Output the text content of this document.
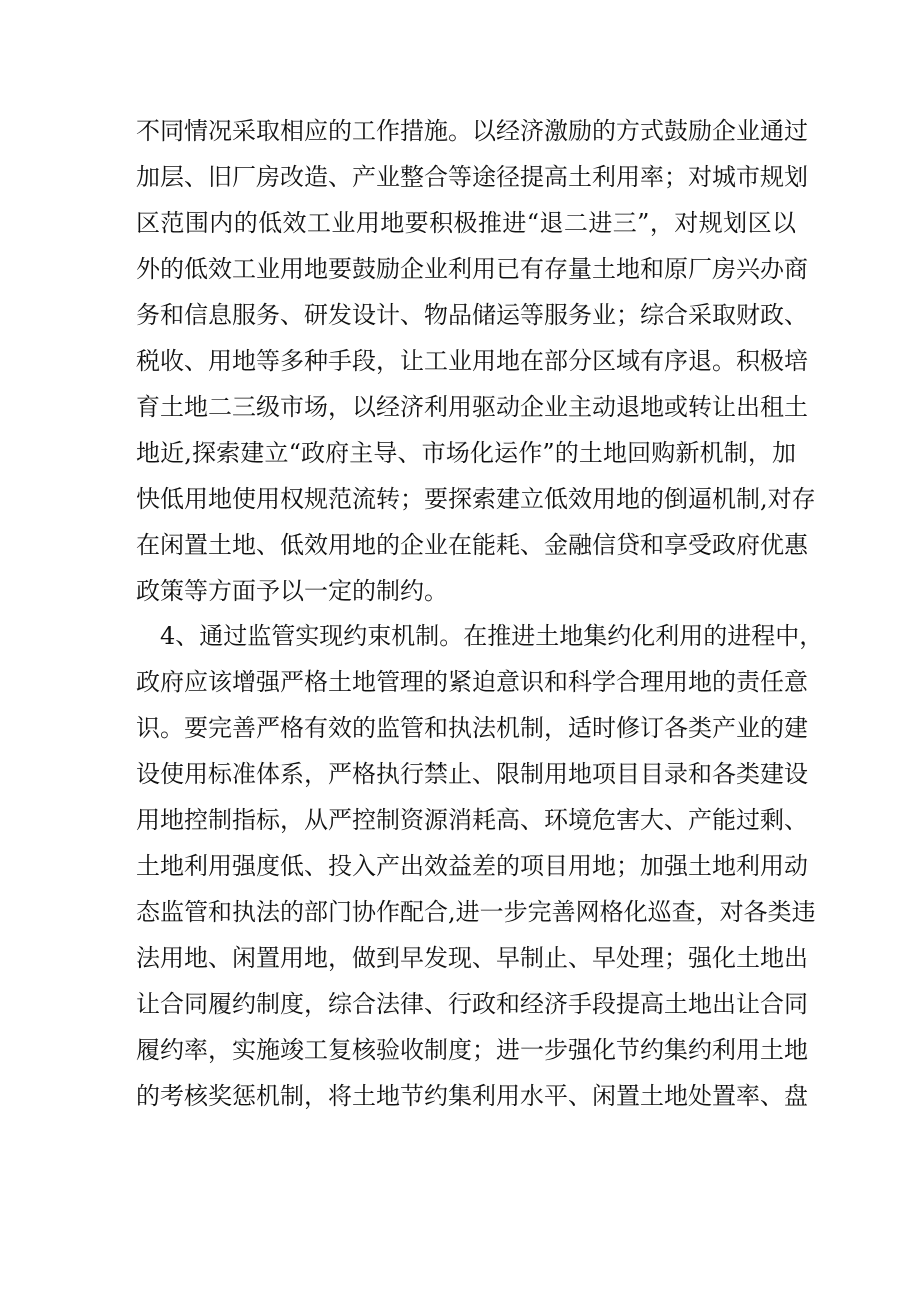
不同情况采取相应的工作措施。以经济激励的方式鼓励企业通过
加层、旧厂房改造、产业整合等途径提高土利用率；对城市规划
区范围内的低效工业用地要积极推进“退二进三”，对规划区以
外的低效工业用地要鼓励企业利用已有存量土地和原厂房兴办商
务和信息服务、研发设计、物品储运等服务业；综合采取财政、
税收、用地等多种手段，让工业用地在部分区域有序退。积极培
育土地二三级市场，以经济利用驱动企业主动退地或转让出租土
地近,探索建立“政府主导、市场化运作”的土地回购新机制，加
快低用地使用权规范流转；要探索建立低效用地的倒逼机制,对存
在闲置土地、低效用地的企业在能耗、金融信贷和享受政府优惠
政策等方面予以一定的制约。
4、通过监管实现约束机制。在推进土地集约化利用的进程中，
政府应该增强严格土地管理的紧迫意识和科学合理用地的责任意
识。要完善严格有效的监管和执法机制，适时修订各类产业的建
设使用标准体系，严格执行禁止、限制用地项目目录和各类建设
用地控制指标，从严控制资源消耗高、环境危害大、产能过剩、
土地利用强度低、投入产出效益差的项目用地；加强土地利用动
态监管和执法的部门协作配合,进一步完善网格化巡查，对各类违
法用地、闲置用地，做到早发现、早制止、早处理；强化土地出
让合同履约制度，综合法律、行政和经济手段提高土地出让合同
履约率，实施竣工复核验收制度；进一步强化节约集约利用土地
的考核奖惩机制，将土地节约集利用水平、闲置土地处置率、盘
